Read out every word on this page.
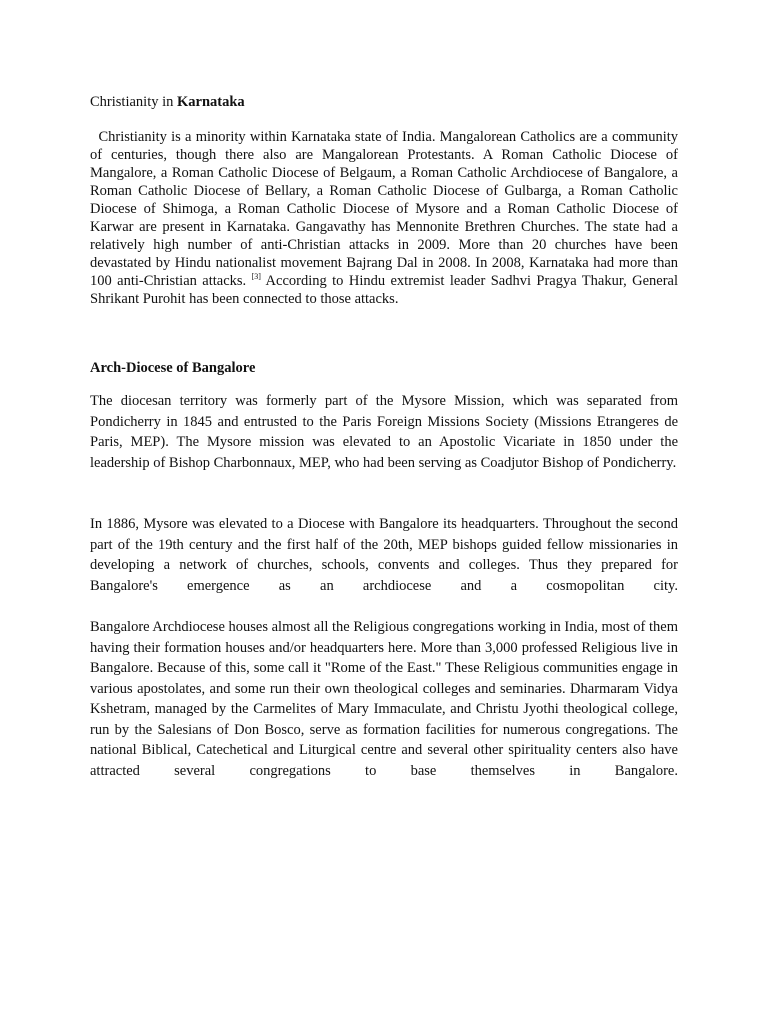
Christianity in Karnataka
Christianity is a minority within Karnataka state of India. Mangalorean Catholics are a community of centuries, though there also are Mangalorean Protestants. A Roman Catholic Diocese of Mangalore, a Roman Catholic Diocese of Belgaum, a Roman Catholic Archdiocese of Bangalore, a Roman Catholic Diocese of Bellary, a Roman Catholic Diocese of Gulbarga, a Roman Catholic Diocese of Shimoga, a Roman Catholic Diocese of Mysore and a Roman Catholic Diocese of Karwar are present in Karnataka. Gangavathy has Mennonite Brethren Churches. The state had a relatively high number of anti-Christian attacks in 2009. More than 20 churches have been devastated by Hindu nationalist movement Bajrang Dal in 2008. In 2008, Karnataka had more than 100 anti-Christian attacks. [3] According to Hindu extremist leader Sadhvi Pragya Thakur, General Shrikant Purohit has been connected to those attacks.
Arch-Diocese of Bangalore

The diocesan territory was formerly part of the Mysore Mission, which was separated from Pondicherry in 1845 and entrusted to the Paris Foreign Missions Society (Missions Etrangeres de Paris, MEP). The Mysore mission was elevated to an Apostolic Vicariate in 1850 under the leadership of Bishop Charbonnaux, MEP, who had been serving as Coadjutor Bishop of Pondicherry.

In 1886, Mysore was elevated to a Diocese with Bangalore its headquarters. Throughout the second part of the 19th century and the first half of the 20th, MEP bishops guided fellow missionaries in developing a network of churches, schools, convents and colleges. Thus they prepared for Bangalore's emergence as an archdiocese and a cosmopolitan city.

Bangalore Archdiocese houses almost all the Religious congregations working in India, most of them having their formation houses and/or headquarters here. More than 3,000 professed Religious live in Bangalore. Because of this, some call it "Rome of the East." These Religious communities engage in various apostolates, and some run their own theological colleges and seminaries. Dharmaram Vidya Kshetram, managed by the Carmelites of Mary Immaculate, and Christu Jyothi theological college, run by the Salesians of Don Bosco, serve as formation facilities for numerous congregations. The national Biblical, Catechetical and Liturgical centre and several other spirituality centers also have attracted several congregations to base themselves in Bangalore.
